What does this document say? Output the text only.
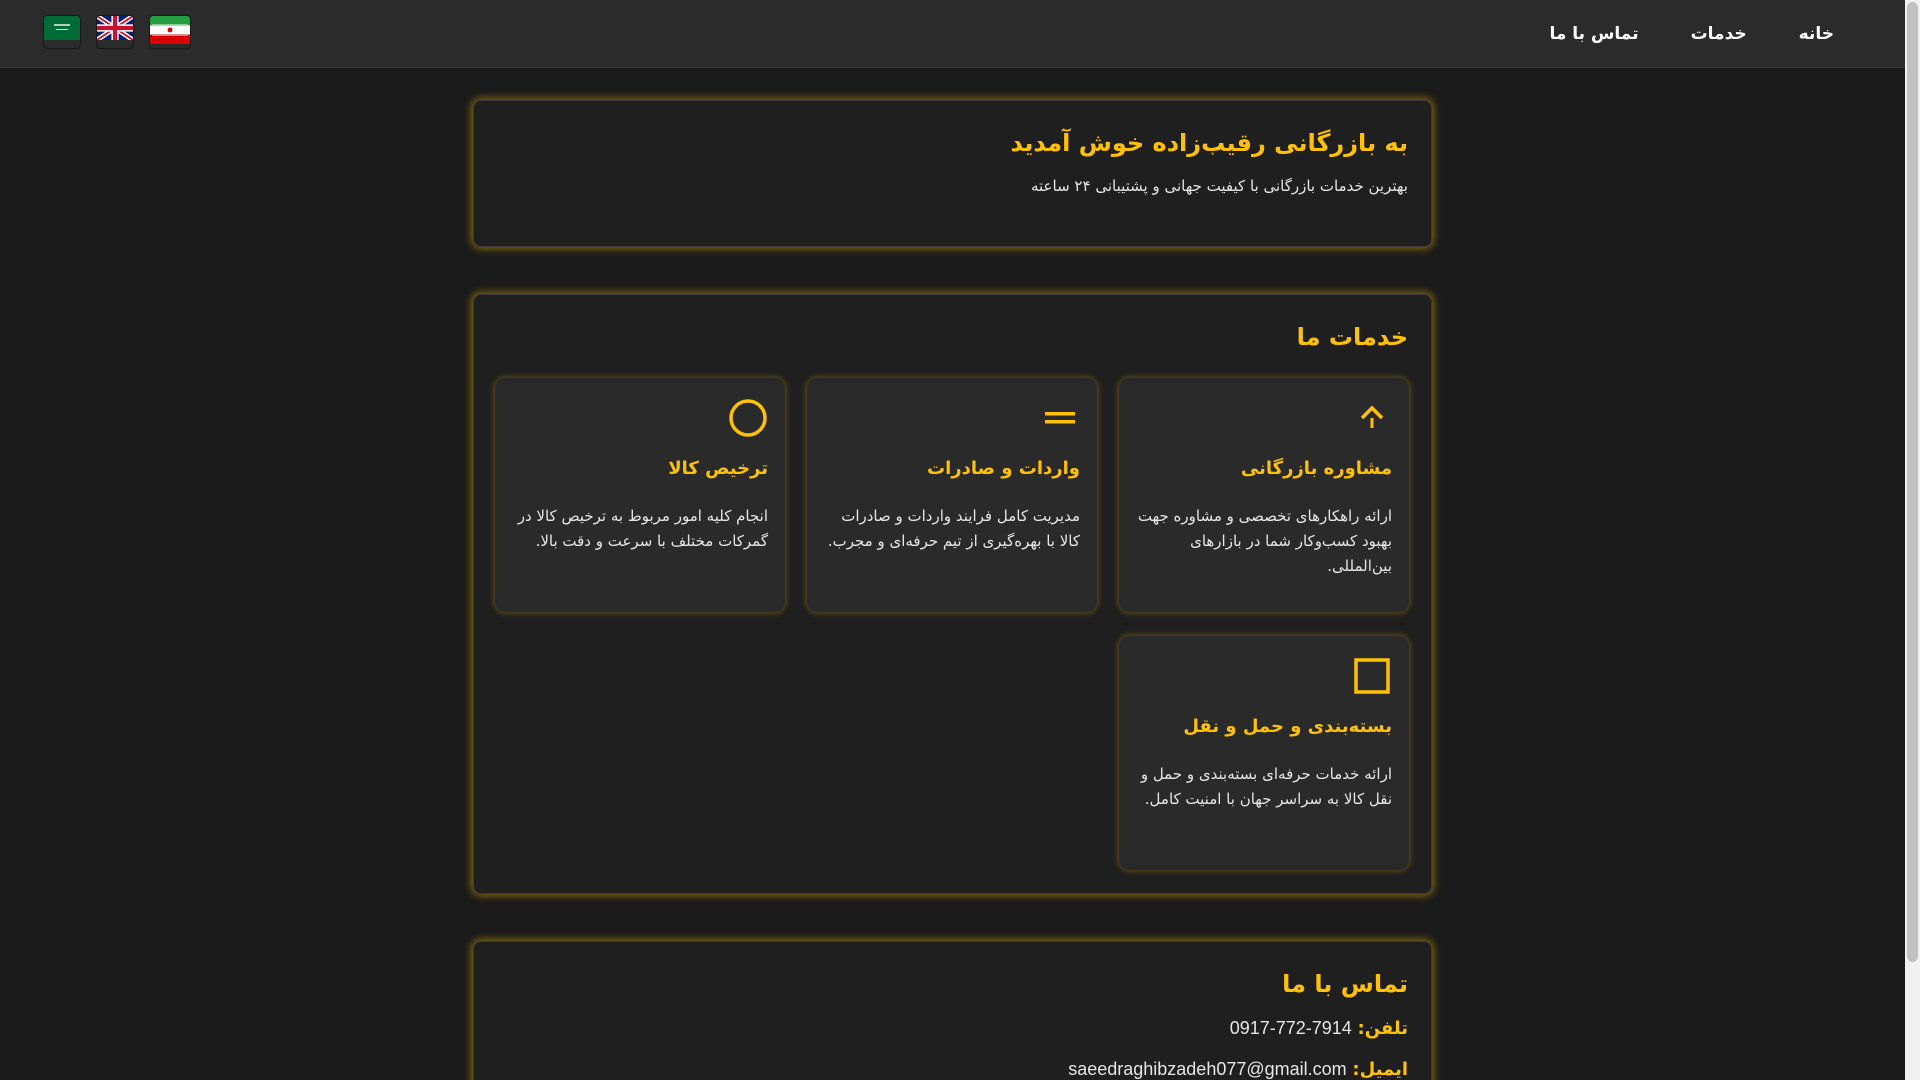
خانه
خدمات
تماس با ما
به بازرگانی رقیب‌زاده خوش آمدید

بهترین خدمات بازرگانی با کیفیت جهانی و پشتیبانی ۲۴ ساعته

خدمات ما
مشاوره بازرگانی
ارائه راهکارهای تخصصی و مشاوره جهت بهبود کسب‌وکار شما در بازارهای بین‌المللی.
واردات و صادرات
مدیریت کامل فرایند واردات و صادرات کالا با بهره‌گیری از تیم حرفه‌ای و مجرب.
ترخیص کالا
انجام کلیه امور مربوط به ترخیص کالا در گمرکات مختلف با سرعت و دقت بالا.
بسته‌بندی و حمل و نقل
ارائه خدمات حرفه‌ای بسته‌بندی و حمل و نقل کالا به سراسر جهان با امنیت کامل.
تماس با ما
تلفن: 0917-772-7914
ایمیل: saeedraghibzadeh077@gmail.com
